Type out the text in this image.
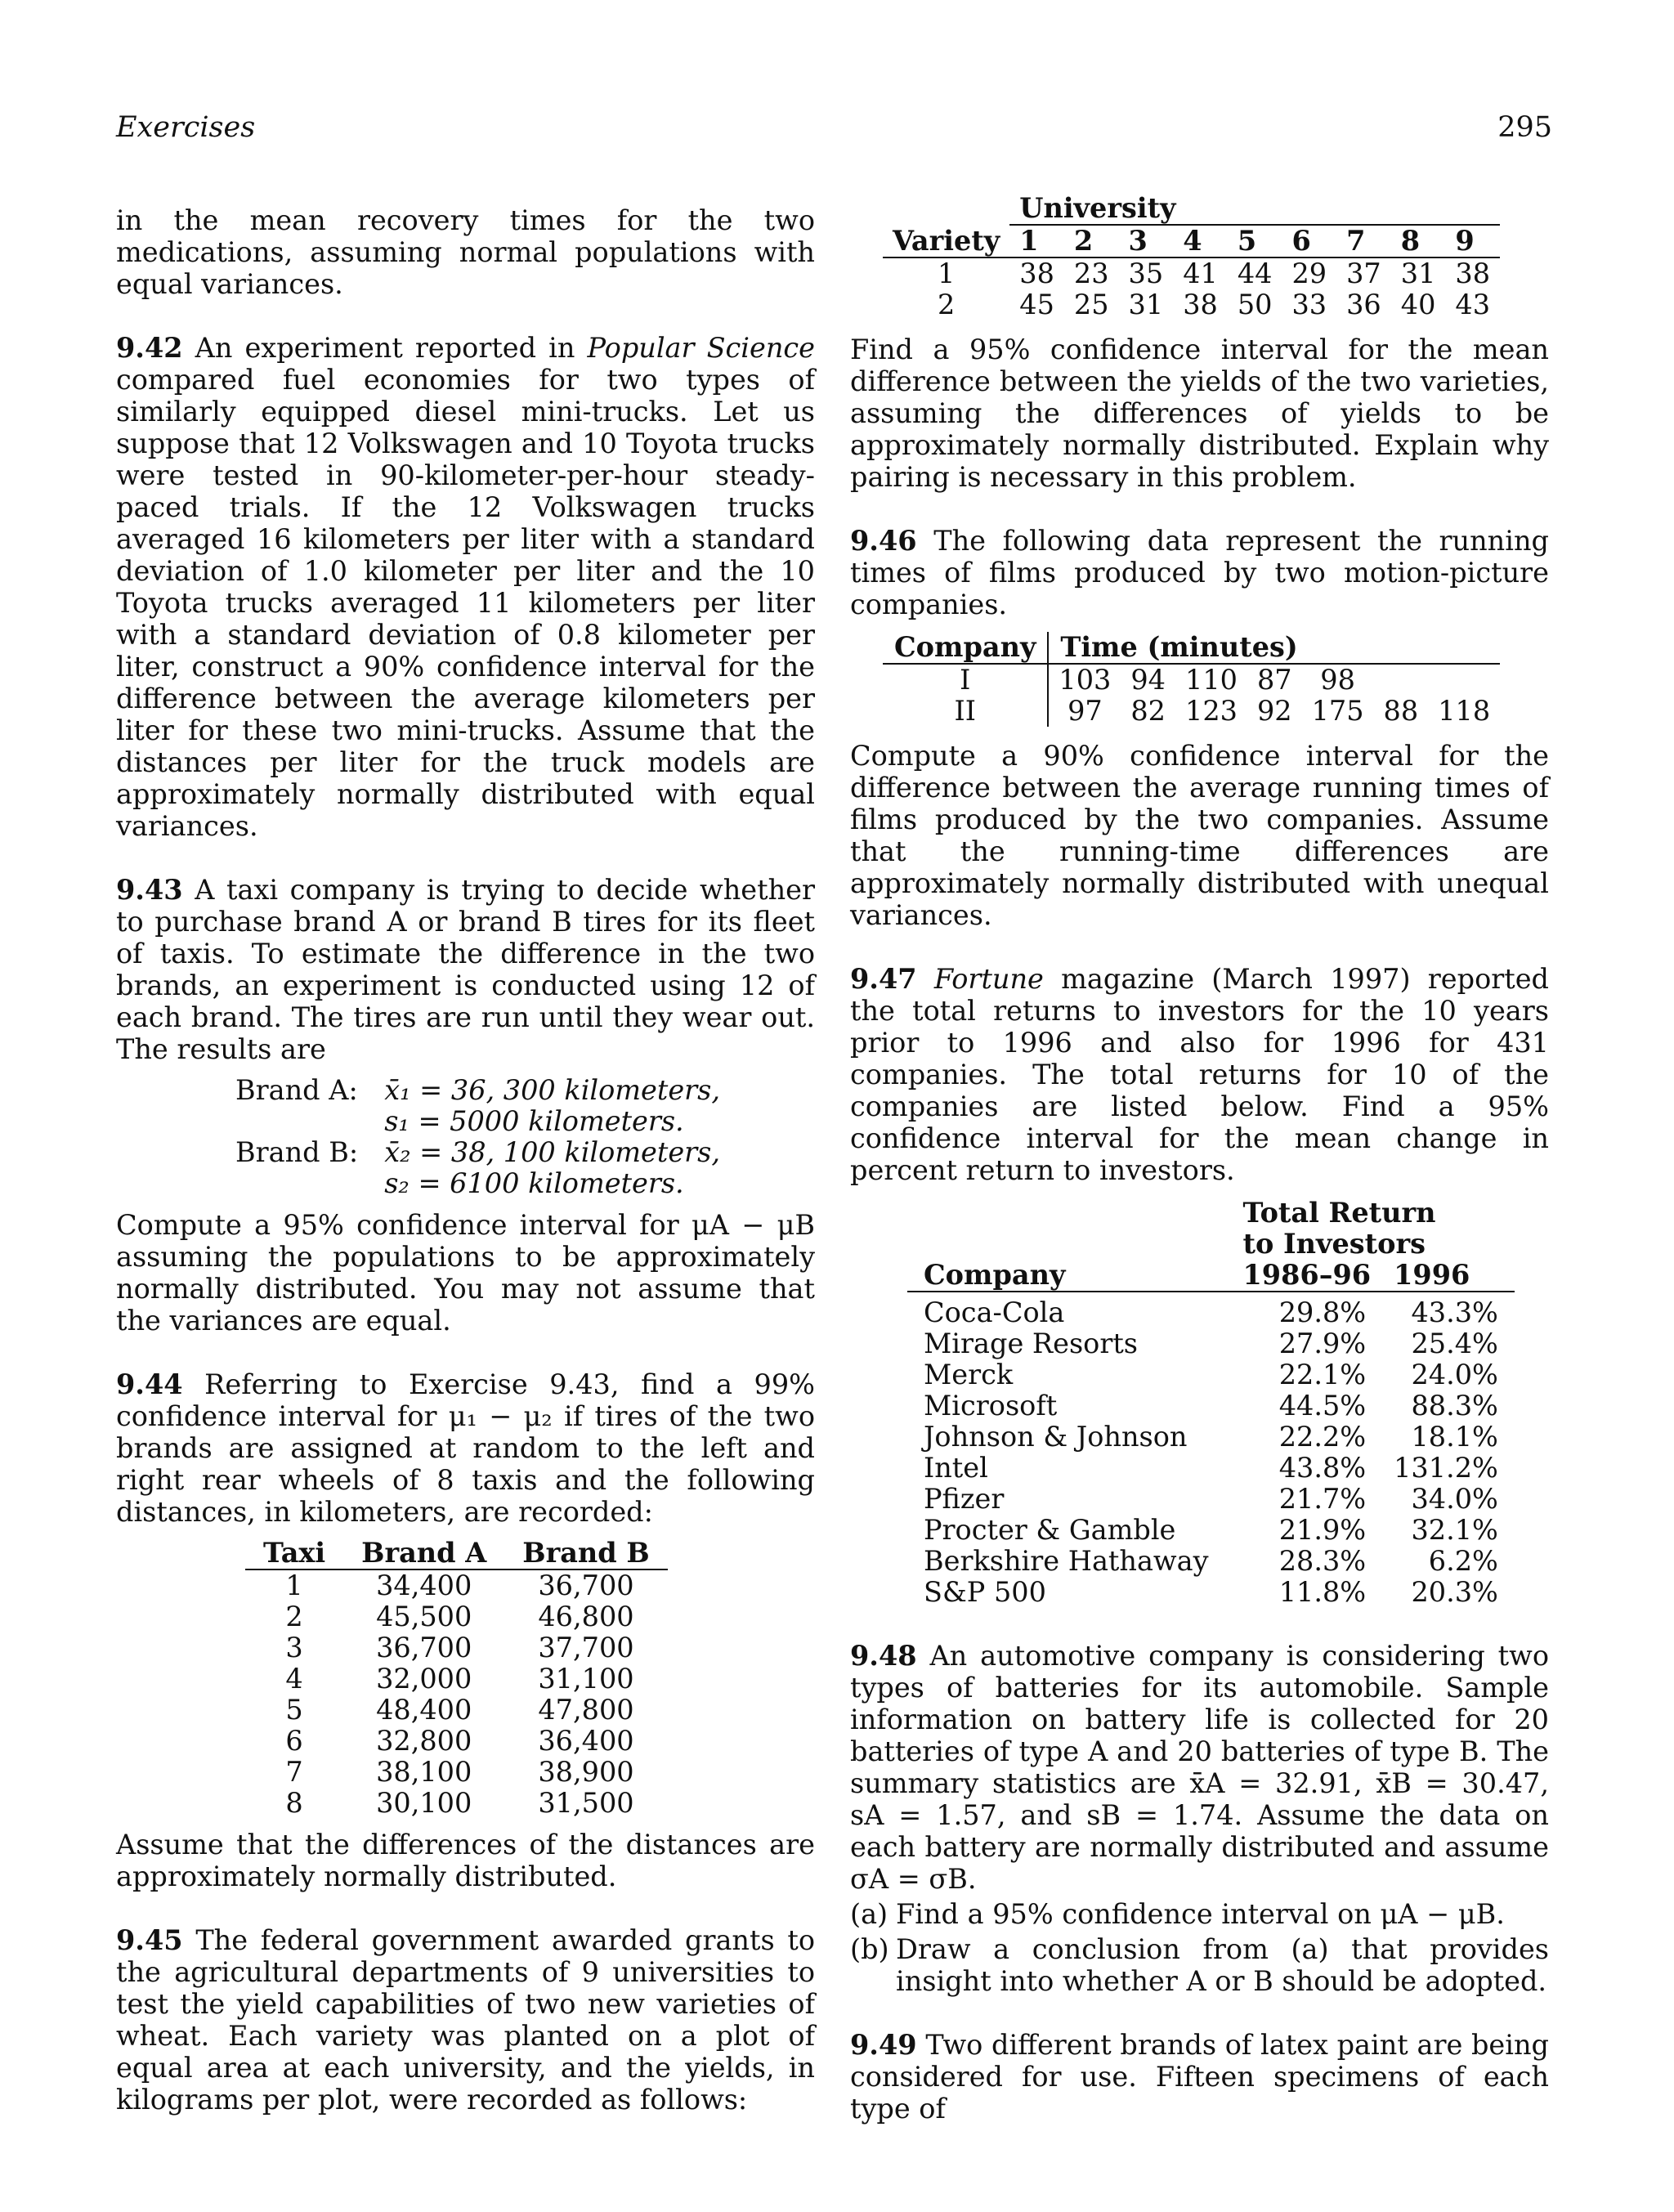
Exercises	295

in the mean recovery times for the two medications, assuming normal populations with equal variances.

9.42 An experiment reported in Popular Science compared fuel economies for two types of similarly equipped diesel mini-trucks. Let us suppose that 12 Volkswagen and 10 Toyota trucks were tested in 90-kilometer-per-hour steady-paced trials. If the 12 Volkswagen trucks averaged 16 kilometers per liter with a standard deviation of 1.0 kilometer per liter and the 10 Toyota trucks averaged 11 kilometers per liter with a standard deviation of 0.8 kilometer per liter, construct a 90% confidence interval for the difference between the average kilometers per liter for these two mini-trucks. Assume that the distances per liter for the truck models are approximately normally distributed with equal variances.

9.43 A taxi company is trying to decide whether to purchase brand A or brand B tires for its fleet of taxis. To estimate the difference in the two brands, an experiment is conducted using 12 of each brand. The tires are run until they wear out. The results are

Brand A:	x̄₁ = 36, 300 kilometers,
	s₁ = 5000 kilometers.
Brand B:	x̄₂ = 38, 100 kilometers,
	s₂ = 6100 kilometers.

Compute a 95% confidence interval for μA − μB assuming the populations to be approximately normally distributed. You may not assume that the variances are equal.

9.44 Referring to Exercise 9.43, find a 99% confidence interval for μ₁ − μ₂ if tires of the two brands are assigned at random to the left and right rear wheels of 8 taxis and the following distances, in kilometers, are recorded:

Taxi	Brand A	Brand B
1	34,400	36,700
2	45,500	46,800
3	36,700	37,700
4	32,000	31,100
5	48,400	47,800
6	32,800	36,400
7	38,100	38,900
8	30,100	31,500

Assume that the differences of the distances are approximately normally distributed.

9.45 The federal government awarded grants to the agricultural departments of 9 universities to test the yield capabilities of two new varieties of wheat. Each variety was planted on a plot of equal area at each university, and the yields, in kilograms per plot, were recorded as follows:

	University								
Variety	1	2	3	4	5	6	7	8	9
1	38	23	35	41	44	29	37	31	38
2	45	25	31	38	50	33	36	40	43

Find a 95% confidence interval for the mean difference between the yields of the two varieties, assuming the differences of yields to be approximately normally distributed. Explain why pairing is necessary in this problem.

9.46 The following data represent the running times of films produced by two motion-picture companies.

Company	Time (minutes)						
I	103	94	110	87	98		
II	97	82	123	92	175	88	118

Compute a 90% confidence interval for the difference between the average running times of films produced by the two companies. Assume that the running-time differences are approximately normally distributed with unequal variances.

9.47 Fortune magazine (March 1997) reported the total returns to investors for the 10 years prior to 1996 and also for 1996 for 431 companies. The total returns for 10 of the companies are listed below. Find a 95% confidence interval for the mean change in percent return to investors.

	Total Return	
	to Investors	
Company	1986–96	1996
Coca-Cola	29.8%	43.3%
Mirage Resorts	27.9%	25.4%
Merck	22.1%	24.0%
Microsoft	44.5%	88.3%
Johnson & Johnson	22.2%	18.1%
Intel	43.8%	131.2%
Pfizer	21.7%	34.0%
Procter & Gamble	21.9%	32.1%
Berkshire Hathaway	28.3%	6.2%
S&P 500	11.8%	20.3%

9.48 An automotive company is considering two types of batteries for its automobile. Sample information on battery life is collected for 20 batteries of type A and 20 batteries of type B. The summary statistics are x̄A = 32.91, x̄B = 30.47, sA = 1.57, and sB = 1.74. Assume the data on each battery are normally distributed and assume σA = σB.

(a) Find a 95% confidence interval on μA − μB.
(b) Draw a conclusion from (a) that provides insight into whether A or B should be adopted.

9.49 Two different brands of latex paint are being considered for use. Fifteen specimens of each type of
